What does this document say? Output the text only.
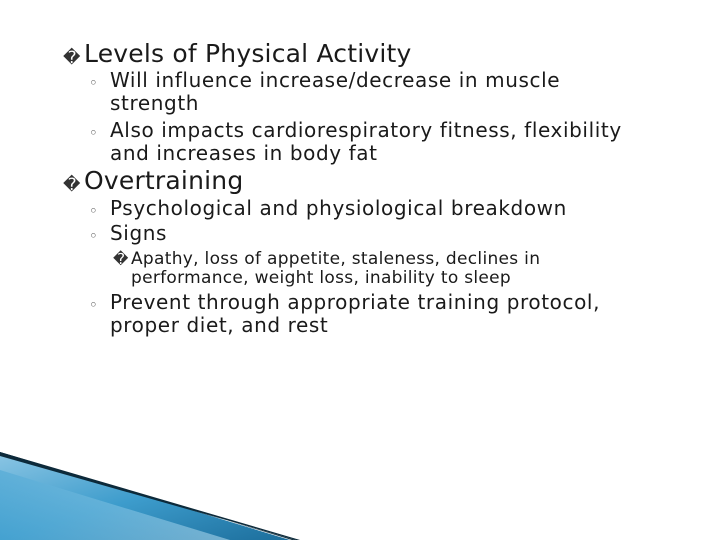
� Levels of Physical Activity
◦ Will influence increase/decrease in muscle
strength
◦ Also impacts cardiorespiratory fitness, flexibility
and increases in body fat
� Overtraining
◦ Psychological and physiological breakdown
◦ Signs
� Apathy, loss of appetite, staleness, declines in
performance, weight loss, inability to sleep
◦ Prevent through appropriate training protocol,
proper diet, and rest
